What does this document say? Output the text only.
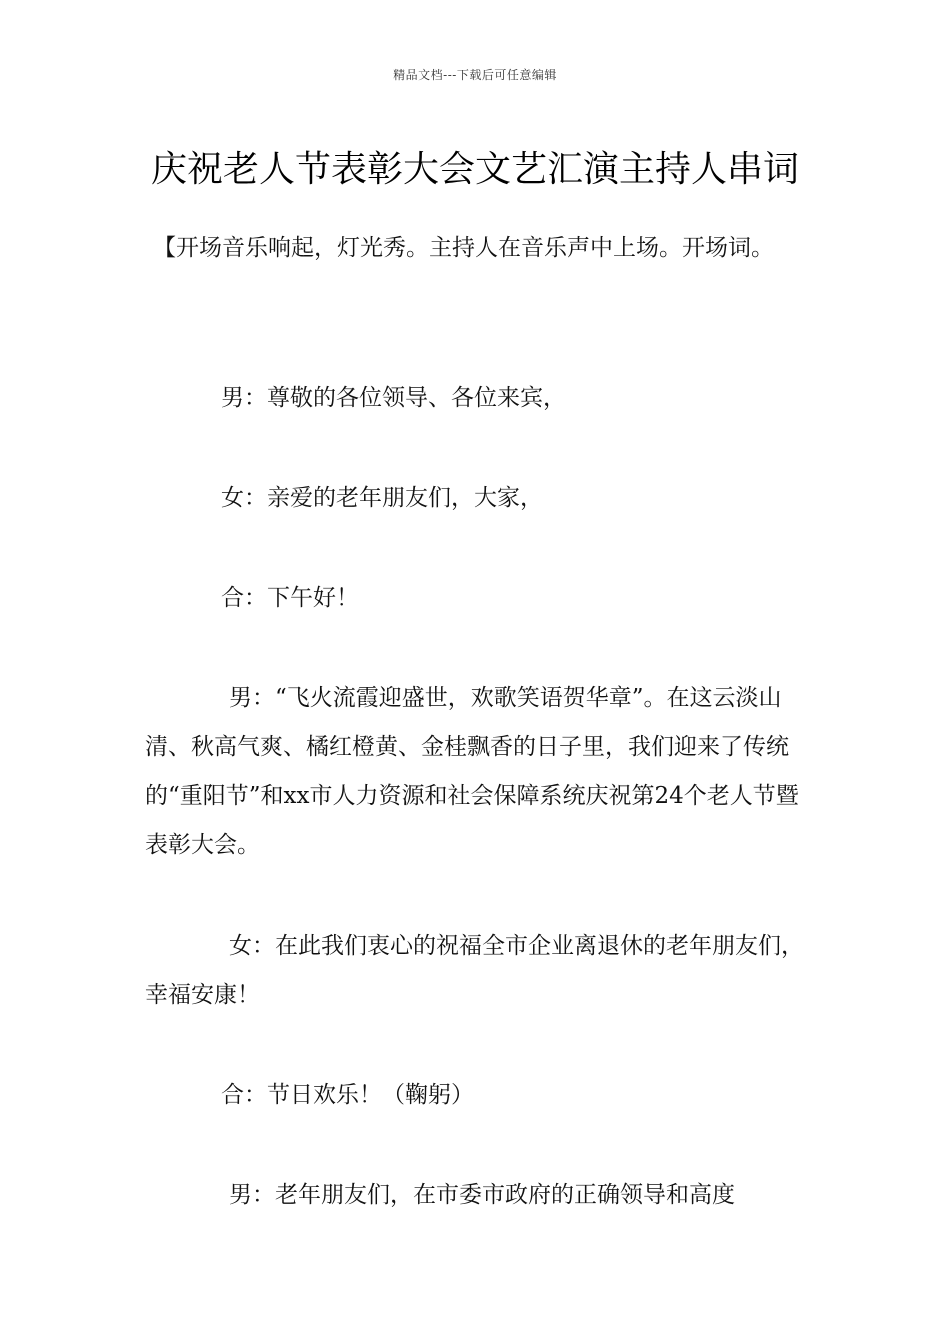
精品文档---下载后可任意编辑
庆祝老人节表彰大会文艺汇演主持人串词

【开场音乐响起，灯光秀。主持人在音乐声中上场。开场词。

男：尊敬的各位领导、各位来宾，

女：亲爱的老年朋友们，大家，

合：下午好！

男：“飞火流霞迎盛世，欢歌笑语贺华章”。在这云淡山清、秋高气爽、橘红橙黄、金桂飘香的日子里，我们迎来了传统的“重阳节”和xx市人力资源和社会保障系统庆祝第24个老人节暨表彰大会。

女：在此我们衷心的祝福全市企业离退休的老年朋友们，幸福安康！

合：节日欢乐！（鞠躬）

男：老年朋友们，在市委市政府的正确领导和高度
